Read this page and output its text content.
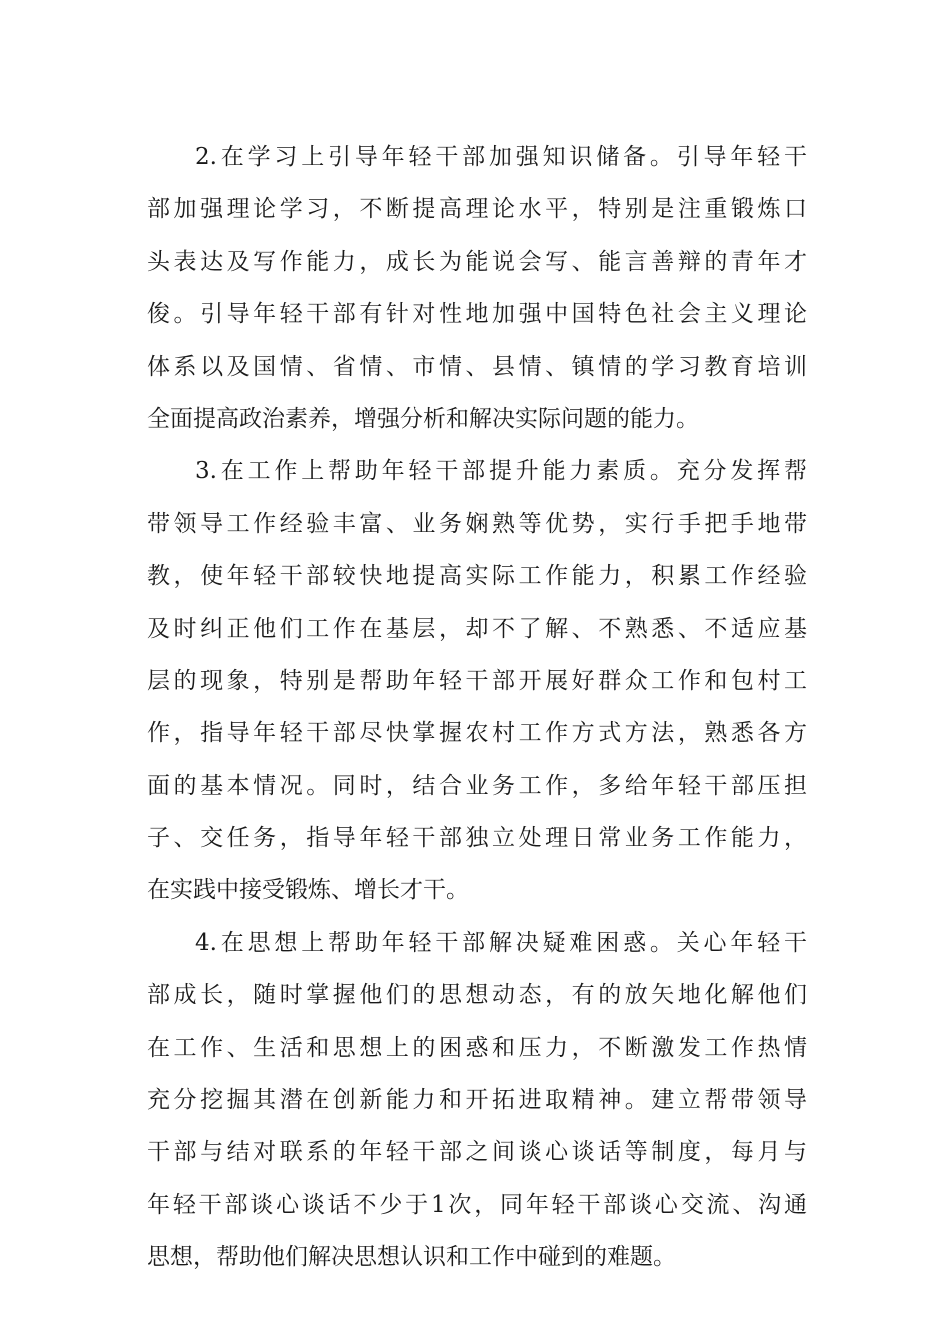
2.在学习上引导年轻干部加强知识储备。引导年轻干
部加强理论学习，不断提高理论水平，特别是注重锻炼口
头表达及写作能力，成长为能说会写、能言善辩的青年才
俊。引导年轻干部有针对性地加强中国特色社会主义理论
体系以及国情、省情、市情、县情、镇情的学习教育培训
全面提高政治素养，增强分析和解决实际问题的能力。
3.在工作上帮助年轻干部提升能力素质。充分发挥帮
带领导工作经验丰富、业务娴熟等优势，实行手把手地带
教，使年轻干部较快地提高实际工作能力，积累工作经验
及时纠正他们工作在基层，却不了解、不熟悉、不适应基
层的现象，特别是帮助年轻干部开展好群众工作和包村工
作，指导年轻干部尽快掌握农村工作方式方法，熟悉各方
面的基本情况。同时，结合业务工作，多给年轻干部压担
子、交任务，指导年轻干部独立处理日常业务工作能力，
在实践中接受锻炼、增长才干。
4.在思想上帮助年轻干部解决疑难困惑。关心年轻干
部成长，随时掌握他们的思想动态，有的放矢地化解他们
在工作、生活和思想上的困惑和压力，不断激发工作热情
充分挖掘其潜在创新能力和开拓进取精神。建立帮带领导
干部与结对联系的年轻干部之间谈心谈话等制度，每月与
年轻干部谈心谈话不少于1次，同年轻干部谈心交流、沟通
思想，帮助他们解决思想认识和工作中碰到的难题。
